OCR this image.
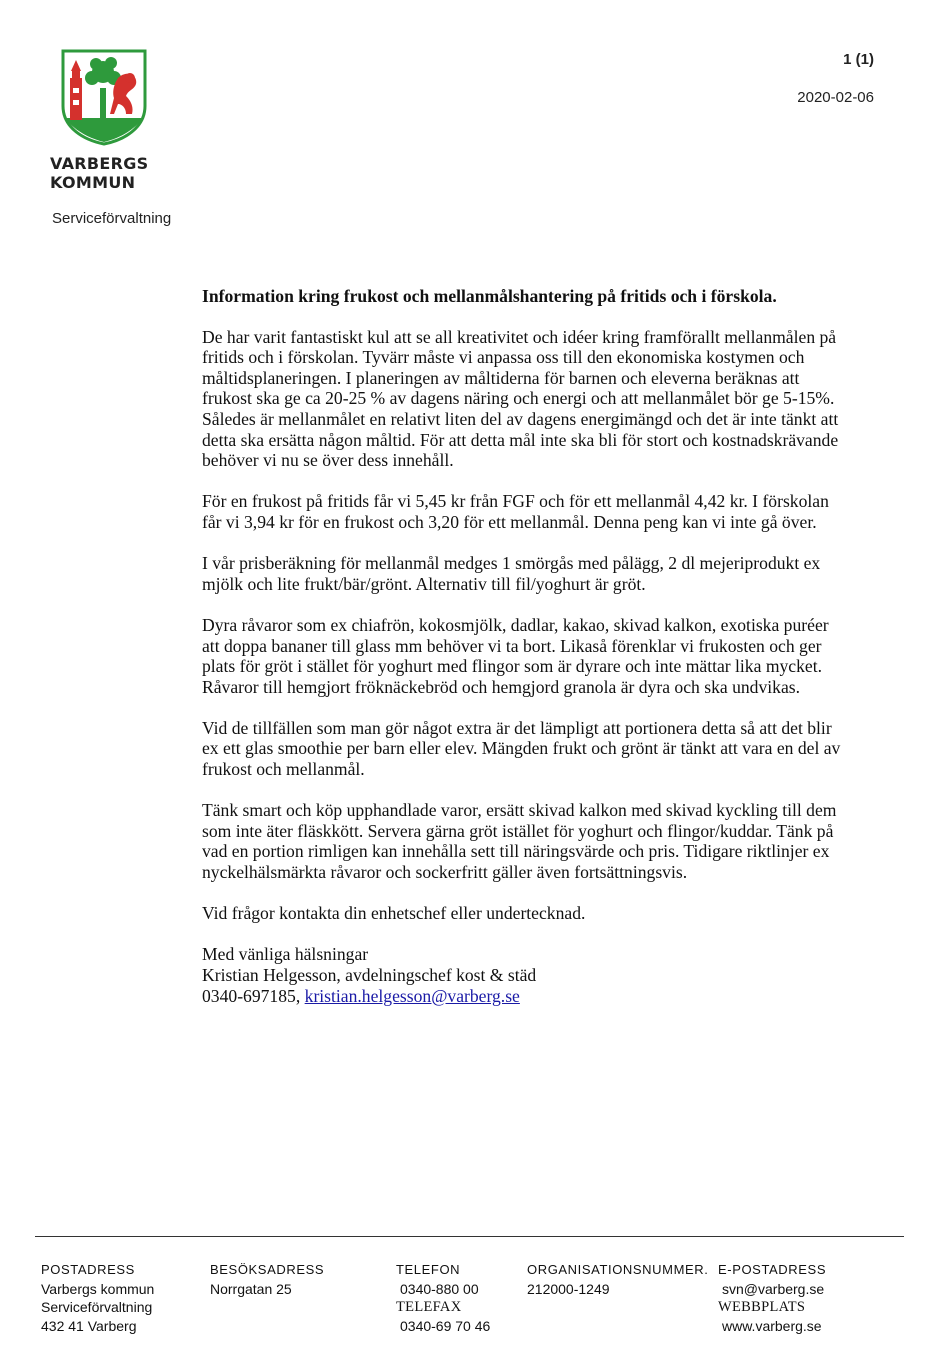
VARBERGS
KOMMUN
Serviceförvaltning
1 (1)
2020-02-06
Information kring frukost och mellanmålshantering på fritids och i förskola.

De har varit fantastiskt kul att se all kreativitet och idéer kring framförallt mellanmålen på fritids och i förskolan. Tyvärr måste vi anpassa oss till den ekonomiska kostymen och måltidsplaneringen. I planeringen av måltiderna för barnen och eleverna beräknas att frukost ska ge ca 20-25 % av dagens näring och energi och att mellanmålet bör ge 5-15%. Således är mellanmålet en relativt liten del av dagens energimängd och det är inte tänkt att detta ska ersätta någon måltid. För att detta mål inte ska bli för stort och kostnadskrävande behöver vi nu se över dess innehåll.

För en frukost på fritids får vi 5,45 kr från FGF och för ett mellanmål 4,42 kr. I förskolan får vi 3,94 kr för en frukost och 3,20 för ett mellanmål. Denna peng kan vi inte gå över.

I vår prisberäkning för mellanmål medges 1 smörgås med pålägg, 2 dl mejeriprodukt ex mjölk och lite frukt/bär/grönt. Alternativ till fil/yoghurt är gröt.

Dyra råvaror som ex chiafrön, kokosmjölk, dadlar, kakao, skivad kalkon, exotiska puréer att doppa bananer till glass mm behöver vi ta bort. Likaså förenklar vi frukosten och ger plats för gröt i stället för yoghurt med flingor som är dyrare och inte mättar lika mycket. Råvaror till hemgjort fröknäckebröd och hemgjord granola är dyra och ska undvikas.

Vid de tillfällen som man gör något extra är det lämpligt att portionera detta så att det blir ex ett glas smoothie per barn eller elev. Mängden frukt och grönt är tänkt att vara en del av frukost och mellanmål.

Tänk smart och köp upphandlade varor, ersätt skivad kalkon med skivad kyckling till dem som inte äter fläskkött. Servera gärna gröt istället för yoghurt och flingor/kuddar. Tänk på vad en portion rimligen kan innehålla sett till näringsvärde och pris. Tidigare riktlinjer ex nyckelhälsmärkta råvaror och sockerfritt gäller även fortsättningsvis.

Vid frågor kontakta din enhetschef eller undertecknad.

Med vänliga hälsningar
Kristian Helgesson, avdelningschef kost & städ
0340-697185, kristian.helgesson@varberg.se
POSTADRESS
Varbergs kommun
Serviceförvaltning
432 41 Varberg
BESÖKSADRESS
Norrgatan 25
TELEFON
0340-880 00
TELEFAX
0340-69 70 46
ORGANISATIONSNUMMER.
212000-1249
E-POSTADRESS
svn@varberg.se
WEBBPLATS
www.varberg.se
